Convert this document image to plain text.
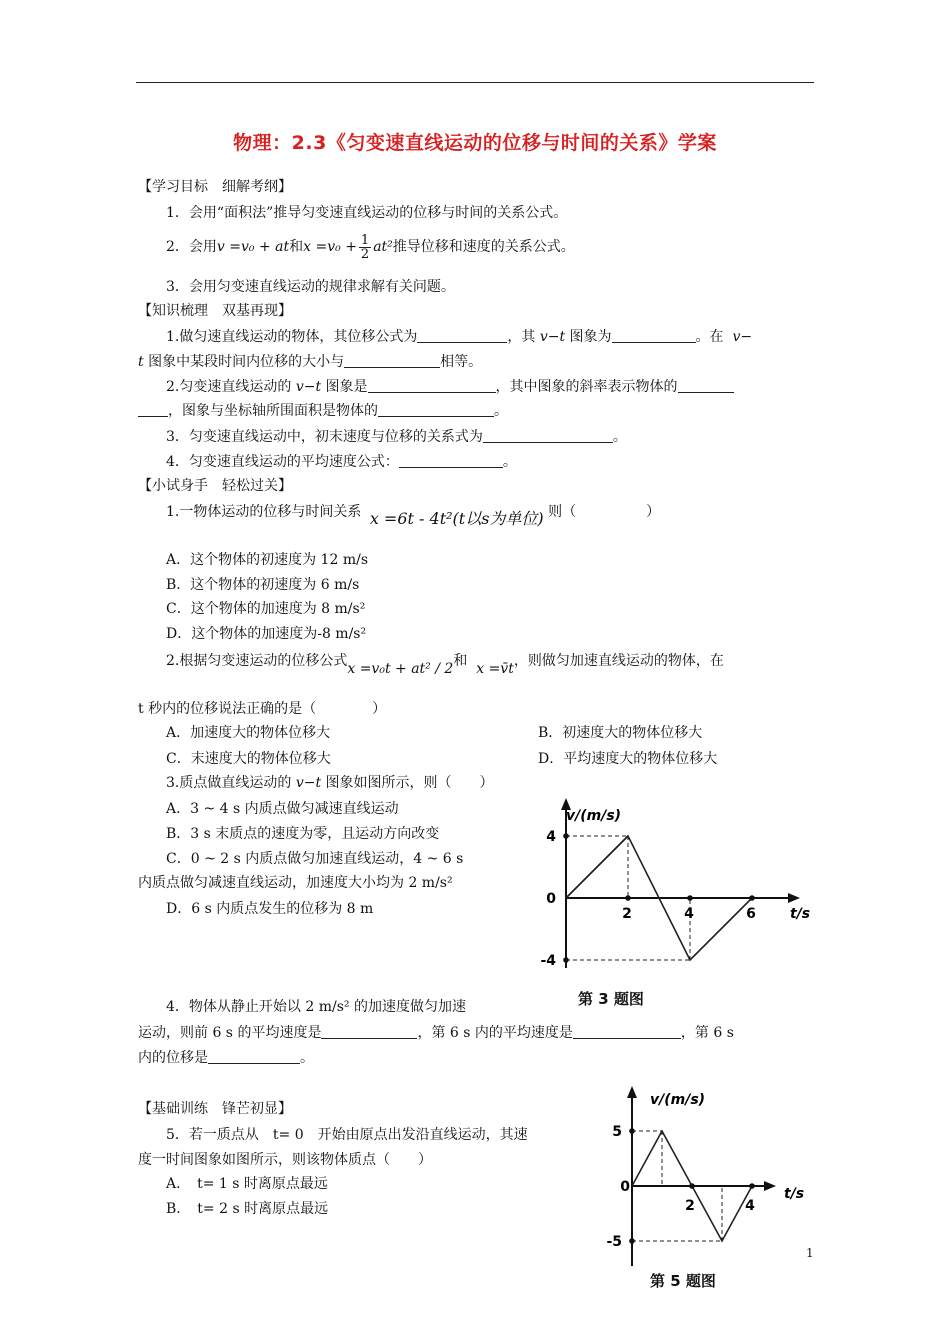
物理：2.3《匀变速直线运动的位移与时间的关系》学案
【学习目标　细解考纲】
1．会用“面积法”推导匀变速直线运动的位移与时间的关系公式。
2．会用v =v₀ + at和$x =v_0 + \frac{1}{2} at^2$推导位移和速度的关系公式。
3．会用匀变速直线运动的规律求解有关问题。
【知识梳理　双基再现】
1.做匀速直线运动的物体，其位移公式为	，其 v−t 图象为	。在 v−
t 图象中某段时间内位移的大小与	相等。
2.匀变速直线运动的 v−t 图象是	，其中图象的斜率表示物体的
，图象与坐标轴所围面积是物体的	。
3．匀变速直线运动中，初末速度与位移的关系式为	。
4．匀变速直线运动的平均速度公式：	。
【小试身手　轻松过关】
1.一物体运动的位移与时间关系 x =6t - 4t²(t以s为单位) 则（　　　　　）
A．这个物体的初速度为 12 m/s
B．这个物体的初速度为 6 m/s
C．这个物体的加速度为 8 m/s²
D．这个物体的加速度为-8 m/s²
2.根据匀变速运动的位移公式x =v₀t + at² / 2和 x =v̄t，则做匀加速直线运动的物体，在
t 秒内的位移说法正确的是（　　　　）
A．加速度大的物体位移大	B．初速度大的物体位移大
C．末速度大的物体位移大	D．平均速度大的物体位移大
3.质点做直线运动的 v−t 图象如图所示，则（　　）
A．3 ~ 4 s 内质点做匀减速直线运动
B．3 s 末质点的速度为零，且运动方向改变
C．0 ~ 2 s 内质点做匀加速直线运动，4 ~ 6 s
内质点做匀减速直线运动，加速度大小均为 2 m/s²
D．6 s 内质点发生的位移为 8 m
v/(m/s)
t/s
0
2	4	6
4
-4
第 3 题图
4．物体从静止开始以 2 m/s² 的加速度做匀加速
运动，则前 6 s 的平均速度是	，第 6 s 内的平均速度是	，第 6 s
内的位移是	。
【基础训练　锋芒初显】
5．若一质点从　t= 0　开始由原点出发沿直线运动，其速
度一时间图象如图所示，则该物体质点（　　）
A．　t= 1 s 时离原点最远
B．　t= 2 s 时离原点最远
v/(m/s)
t/s
0
2	4
5
-5
第 5 题图
1
